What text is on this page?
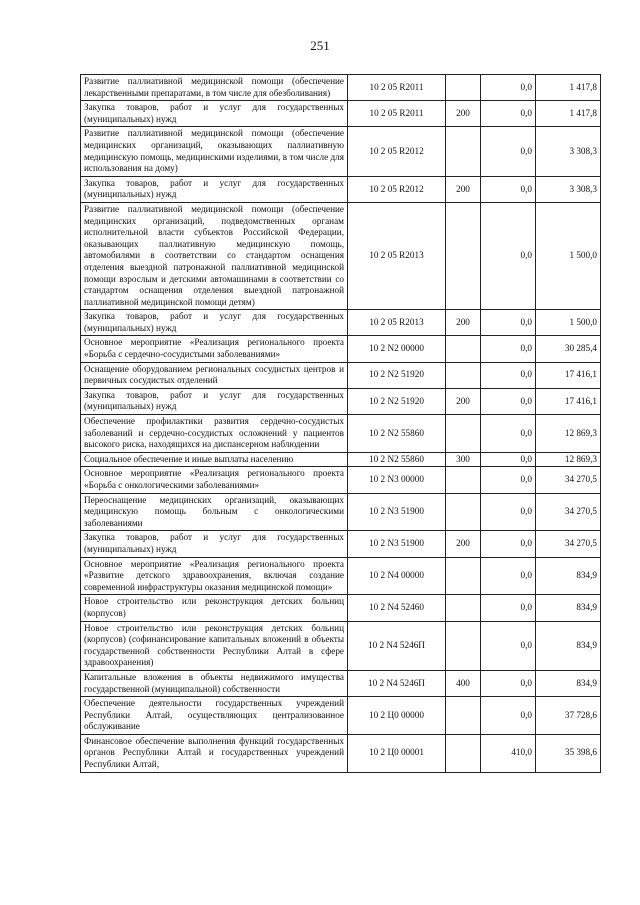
251
Развитие паллиативной медицинской помощи (обеспечение лекарственными препаратами, в том числе для обезболивания)	10 2 05 R2011		0,0	1 417,8
Закупка товаров, работ и услуг для государственных (муниципальных) нужд	10 2 05 R2011	200	0,0	1 417,8
Развитие паллиативной медицинской помощи (обеспечение медицинских организаций, оказывающих паллиативную медицинскую помощь, медицинскими изделиями, в том числе для использования на дому)	10 2 05 R2012		0,0	3 308,3
Закупка товаров, работ и услуг для государственных (муниципальных) нужд	10 2 05 R2012	200	0,0	3 308,3
Развитие паллиативной медицинской помощи (обеспечение медицинских организаций, подведомственных органам исполнительной власти субъектов Российской Федерации, оказывающих паллиативную медицинскую помощь, автомобилями в соответствии со стандартом оснащения отделения выездной патронажной паллиативной медицинской помощи взрослым и детскими автомашинами в соответствии со стандартом оснащения отделения выездной патронажной паллиативной медицинской помощи детям)	10 2 05 R2013		0,0	1 500,0
Закупка товаров, работ и услуг для государственных (муниципальных) нужд	10 2 05 R2013	200	0,0	1 500,0
Основное мероприятие «Реализация регионального проекта «Борьба с сердечно-сосудистыми заболеваниями»	10 2 N2 00000		0,0	30 285,4
Оснащение оборудованием региональных сосудистых центров и первичных сосудистых отделений	10 2 N2 51920		0,0	17 416,1
Закупка товаров, работ и услуг для государственных (муниципальных) нужд	10 2 N2 51920	200	0,0	17 416,1
Обеспечение профилактики развития сердечно-сосудистых заболеваний и сердечно-сосудистых осложнений у пациентов высокого риска, находящихся на диспансерном наблюдении	10 2 N2 55860		0,0	12 869,3
Социальное обеспечение и иные выплаты населению	10 2 N2 55860	300	0,0	12 869,3
Основное мероприятие «Реализация регионального проекта «Борьба с онкологическими заболеваниями»	10 2 N3 00000		0,0	34 270,5
Переоснащение медицинских организаций, оказывающих медицинскую помощь больным с онкологическими заболеваниями	10 2 N3 51900		0,0	34 270,5
Закупка товаров, работ и услуг для государственных (муниципальных) нужд	10 2 N3 51900	200	0,0	34 270,5
Основное мероприятие «Реализация регионального проекта «Развитие детского здравоохранения, включая создание современной инфраструктуры оказания медицинской помощи»	10 2 N4 00000		0,0	834,9
Новое строительство или реконструкция детских больниц (корпусов)	10 2 N4 52460		0,0	834,9
Новое строительство или реконструкция детских больниц (корпусов) (софинансирование капитальных вложений в объекты государственной собственности Республики Алтай в сфере здравоохранения)	10 2 N4 5246П		0,0	834,9
Капитальные вложения в объекты недвижимого имущества государственной (муниципальной) собственности	10 2 N4 5246П	400	0,0	834,9
Обеспечение деятельности государственных учреждений Республики Алтай, осуществляющих централизованное обслуживание	10 2 Ц0 00000		0,0	37 728,6
Финансовое обеспечение выполнения функций государственных органов Республики Алтай и государственных учреждений Республики Алтай,	10 2 Ц0 00001		410,0	35 398,6
